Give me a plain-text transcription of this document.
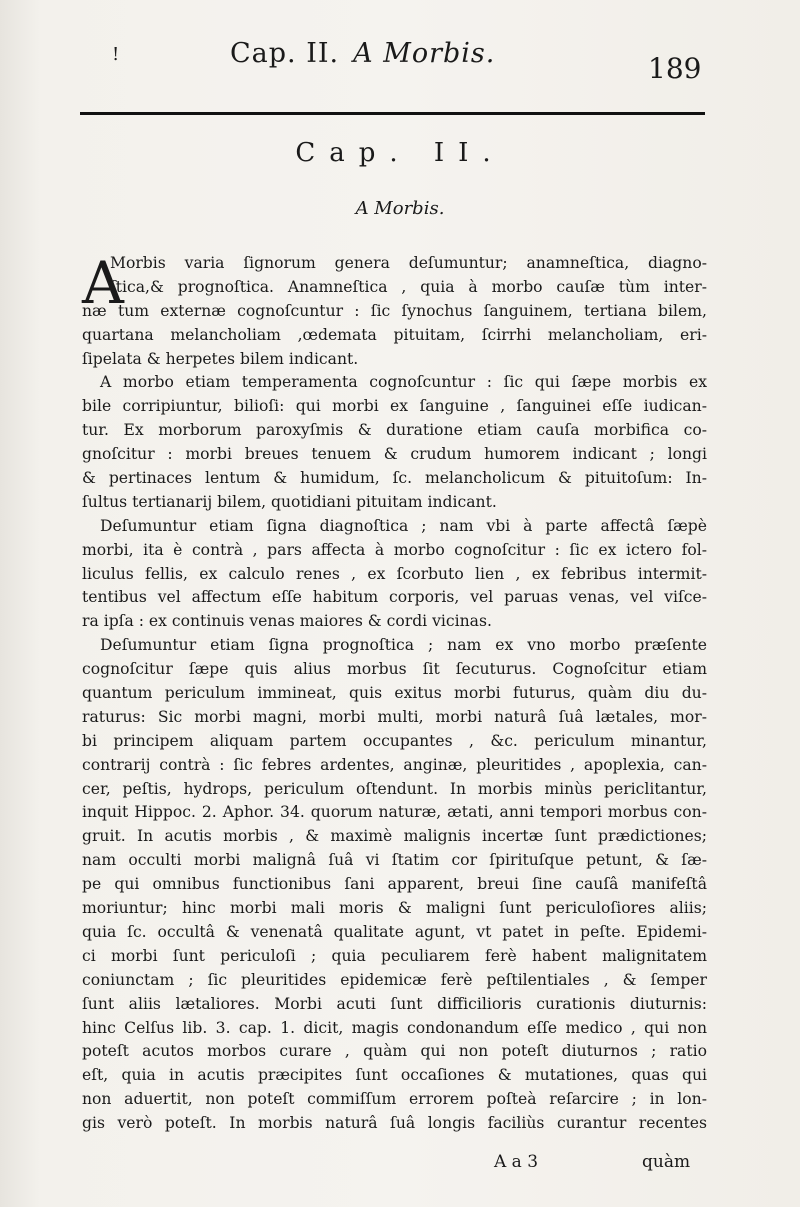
!	Cap. II. A Morbis.	189
Cap. II.
A Morbis.
A
Morbis varia ſignorum genera deſumuntur; anamneſtica, diagno-
ſtica,& prognoſtica. Anamneſtica , quia à morbo cauſæ tùm inter-
næ tum externæ cognoſcuntur : ſic ſynochus ſanguinem, tertiana bilem,
quartana melancholiam ,œdemata pituitam, ſcirrhi melancholiam, eri-
ſipelata & herpetes bilem indicant.
A morbo etiam temperamenta cognoſcuntur : ſic qui ſæpe morbis ex
bile corripiuntur, bilioſi: qui morbi ex ſanguine , ſanguinei eſſe iudican-
tur. Ex morborum paroxyſmis & duratione etiam cauſa morbifica co-
gnoſcitur : morbi breues tenuem & crudum humorem indicant ; longi
& pertinaces lentum & humidum, ſc. melancholicum & pituitoſum: In-
ſultus tertianarij bilem, quotidiani pituitam indicant.
Deſumuntur etiam ſigna diagnoſtica ; nam vbi à parte affectâ ſæpè
morbi, ita è contrà , pars affecta à morbo cognoſcitur : ſic ex ictero fol-
liculus fellis, ex calculo renes , ex ſcorbuto lien , ex febribus intermit-
tentibus vel affectum eſſe habitum corporis, vel paruas venas, vel viſce-
ra ipſa : ex continuis venas maiores & cordi vicinas.
Deſumuntur etiam ſigna prognoſtica ; nam ex vno morbo præſente
cognoſcitur ſæpe quis alius morbus ſit ſecuturus. Cognoſcitur etiam
quantum periculum immineat, quis exitus morbi futurus, quàm diu du-
raturus: Sic morbi magni, morbi multi, morbi naturâ ſuâ lætales, mor-
bi principem aliquam partem occupantes , &c. periculum minantur,
contrarij contrà : ſic febres ardentes, anginæ, pleuritides , apoplexia, can-
cer, peſtis, hydrops, periculum oſtendunt. In morbis minùs periclitantur,
inquit Hippoc. 2. Aphor. 34. quorum naturæ, ætati, anni tempori morbus con-
gruit. In acutis morbis , & maximè malignis incertæ ſunt prædictiones;
nam occulti morbi malignâ ſuâ vi ſtatim cor ſpirituſque petunt, & ſæ-
pe qui omnibus functionibus ſani apparent, breui ſine cauſâ manifeſtâ
moriuntur; hinc morbi mali moris & maligni ſunt periculoſiores aliis;
quia ſc. occultâ & venenatâ qualitate agunt, vt patet in peſte. Epidemi-
ci morbi ſunt periculoſi ; quia peculiarem ferè habent malignitatem
coniunctam ; ſic pleuritides epidemicæ ferè peſtilentiales , & ſemper
ſunt aliis lætaliores. Morbi acuti ſunt difficilioris curationis diuturnis:
hinc Celſus lib. 3. cap. 1. dicit, magis condonandum eſſe medico , qui non
poteſt acutos morbos curare , quàm qui non poteſt diuturnos ; ratio
eſt, quia in acutis præcipites ſunt occaſiones & mutationes, quas qui
non aduertit, non poteſt commiſſum errorem poſteà reſarcire ; in lon-
gis verò poteſt. In morbis naturâ ſuâ longis faciliùs curantur recentes
A a 3	quàm
